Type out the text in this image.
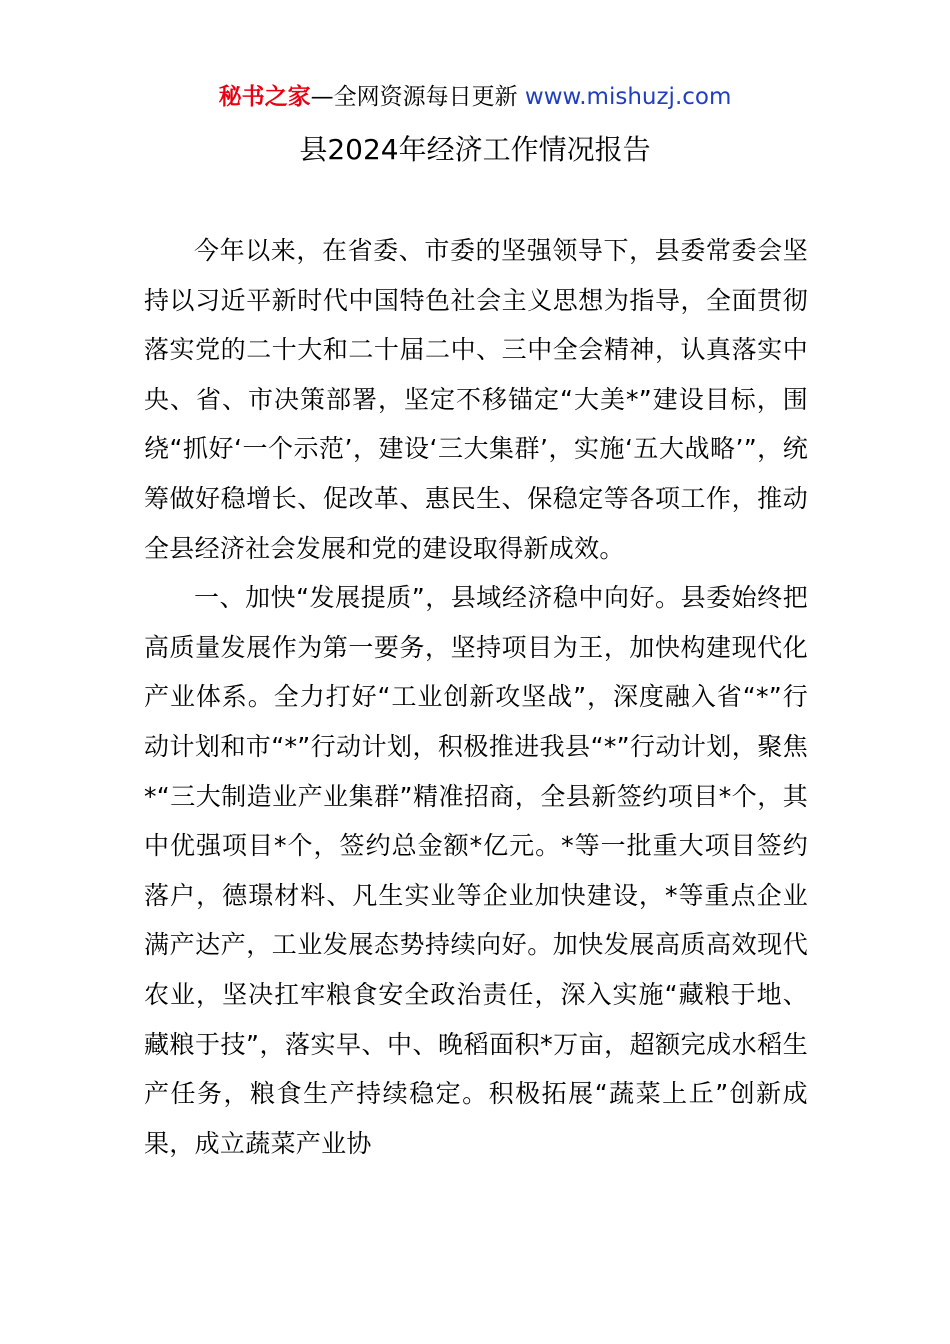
秘书之家—全网资源每日更新 www.mishuzj.com
县2024年经济工作情况报告

今年以来，在省委、市委的坚强领导下，县委常委会坚持以习近平新时代中国特色社会主义思想为指导，全面贯彻落实党的二十大和二十届二中、三中全会精神，认真落实中央、省、市决策部署，坚定不移锚定“大美*”建设目标，围绕“抓好‘一个示范’，建设‘三大集群’，实施‘五大战略’”，统筹做好稳增长、促改革、惠民生、保稳定等各项工作，推动全县经济社会发展和党的建设取得新成效。

一、加快“发展提质”，县域经济稳中向好。县委始终把高质量发展作为第一要务，坚持项目为王，加快构建现代化产业体系。全力打好“工业创新攻坚战”，深度融入省“*”行动计划和市“*”行动计划，积极推进我县“*”行动计划，聚焦*“三大制造业产业集群”精准招商，全县新签约项目*个，其中优强项目*个，签约总金额*亿元。*等一批重大项目签约落户，德璟材料、凡生实业等企业加快建设，*等重点企业满产达产，工业发展态势持续向好。加快发展高质高效现代农业，坚决扛牢粮食安全政治责任，深入实施“藏粮于地、藏粮于技”，落实早、中、晚稻面积*万亩，超额完成水稻生产任务，粮食生产持续稳定。积极拓展“蔬菜上丘”创新成果，成立蔬菜产业协
